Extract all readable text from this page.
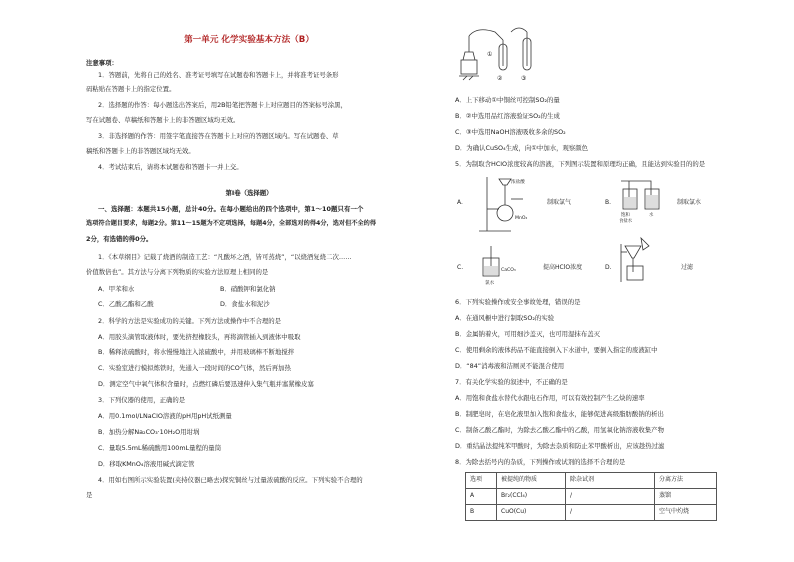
第一单元 化学实验基本方法（B）
注意事项：
1．答题前，先将自己的姓名、准考证号填写在试题卷和答题卡上，并将准考证号条形
码粘贴在答题卡上的指定位置。
2．选择题的作答：每小题选出答案后，用2B铅笔把答题卡上对应题目的答案标号涂黑，
写在试题卷、草稿纸和答题卡上的非答题区域均无效。
3．非选择题的作答：用签字笔直接答在答题卡上对应的答题区域内。写在试题卷、草
稿纸和答题卡上的非答题区域均无效。
4．考试结束后，请将本试题卷和答题卡一并上交。
第Ⅰ卷（选择题）
一、选择题：本题共15小题，总计40分。在每小题给出的四个选项中，第1～10题只有一个
选项符合题目要求，每题2分。第11～15题为不定项选择，每题4分，全部选对的得4分，选对但不全的得
2分，有选错的得0分。
1．《本草纲目》记载了烧酒的制造工艺：“凡酸坏之酒，皆可蒸烧”，“以烧酒复烧二次……
价值数倍也”。其方法与分离下列物质的实验方法原理上相同的是
A．甲苯和水	B．硝酸钾和氯化钠
C．乙酸乙酯和乙酸	D．食盐水和泥沙
2．科学的方法是实验成功的关键。下列方法或操作中不合理的是
A．用胶头滴管取液体时，要先挤捏橡胶头，再将滴管插入到液体中吸取
B．稀释浓硫酸时，将水慢慢地注入浓硫酸中，并用玻璃棒不断地搅拌
C．实验室进行模拟炼铁时，先通入一段时间的CO气体，然后再加热
D．测定空气中氧气体积含量时，点燃红磷后要迅速伸入集气瓶并塞紧橡皮塞
3．下列仪器的使用，正确的是
A．用0.1mol/LNaClO溶液的pH用pH试纸测量
B．加热分解Na₂CO₃·10H₂O用坩埚
C．量取5.5mL稀硫酸用100mL量程的量筒
D．移取KMnO₄溶液用碱式滴定管
4．用如右图所示实验装置(夹持仪器已略去)探究铜丝与过量浓硫酸的反应。下列实验不合理的
是
①
②	③
A．上下移动①中铜丝可控制SO₂的量
B．②中选用品红溶液验证SO₂的生成
C．③中选用NaOH溶液吸收多余的SO₂
D．为确认CuSO₄生成，向①中加水，观察颜色
5．为制取含HClO浓度较高的溶液，下列图示装置和原理均正确，且能达到实验目的的是
A.
浓盐酸
MnO₂
制取氯气	B.
饱和
食盐水
水
制取氯水
C.	CaCO₃
氯水
提高HClO浓度	D.	过滤
6．下列实验操作或安全事故处理，错误的是
A．在通风橱中进行制取SO₂的实验
B．金属钠着火，可用细沙盖灭，也可用湿抹布盖灭
C．使用剩余的液体药品不能直接倒入下水道中，要倒入指定的废液缸中
D．“84”消毒液和洁厕灵不能混合使用
7．有关化学实验的叙述中，不正确的是
A．用饱和食盐水替代水跟电石作用，可以有效控制产生乙炔的速率
B．制肥皂时，在皂化液里加入饱和食盐水，能够促进高级脂肪酸钠的析出
C．制备乙酸乙酯时，为除去乙酸乙酯中的乙酸，用氢氧化钠溶液收集产物
D．重结晶法提纯苯甲酸时，为除去杂质和防止苯甲酸析出，应该趁热过滤
8．为除去括号内的杂质，下列操作或试剂的选择不合理的是
选项	被提纯的物质	除杂试剂	分离方法
A	Br₂(CCl₄)	/	蒸馏
B	CuO(Cu)	/	空气中灼烧
